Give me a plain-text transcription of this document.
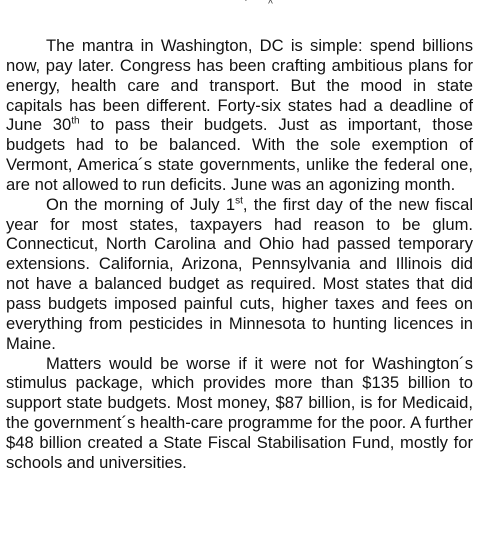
` ^

The mantra in Washington, DC is simple: spend billions now, pay later. Congress has been crafting ambitious plans for energy, health care and transport. But the mood in state capitals has been different. Forty-six states had a deadline of June 30th to pass their budgets. Just as important, those budgets had to be balanced. With the sole exemption of Vermont, America´s state governments, unlike the federal one, are not allowed to run deficits. June was an agonizing month.

On the morning of July 1st, the first day of the new fiscal year for most states, taxpayers had reason to be glum. Connecticut, North Carolina and Ohio had passed temporary extensions. California, Arizona, Pennsylvania and Illinois did not have a balanced budget as required. Most states that did pass budgets imposed painful cuts, higher taxes and fees on everything from pesticides in Minnesota to hunting licences in Maine.

Matters would be worse if it were not for Washington´s stimulus package, which provides more than $135 billion to support state budgets. Most money, $87 billion, is for Medicaid, the government´s health-care programme for the poor. A further $48 billion created a State Fiscal Stabilisation Fund, mostly for schools and universities.
